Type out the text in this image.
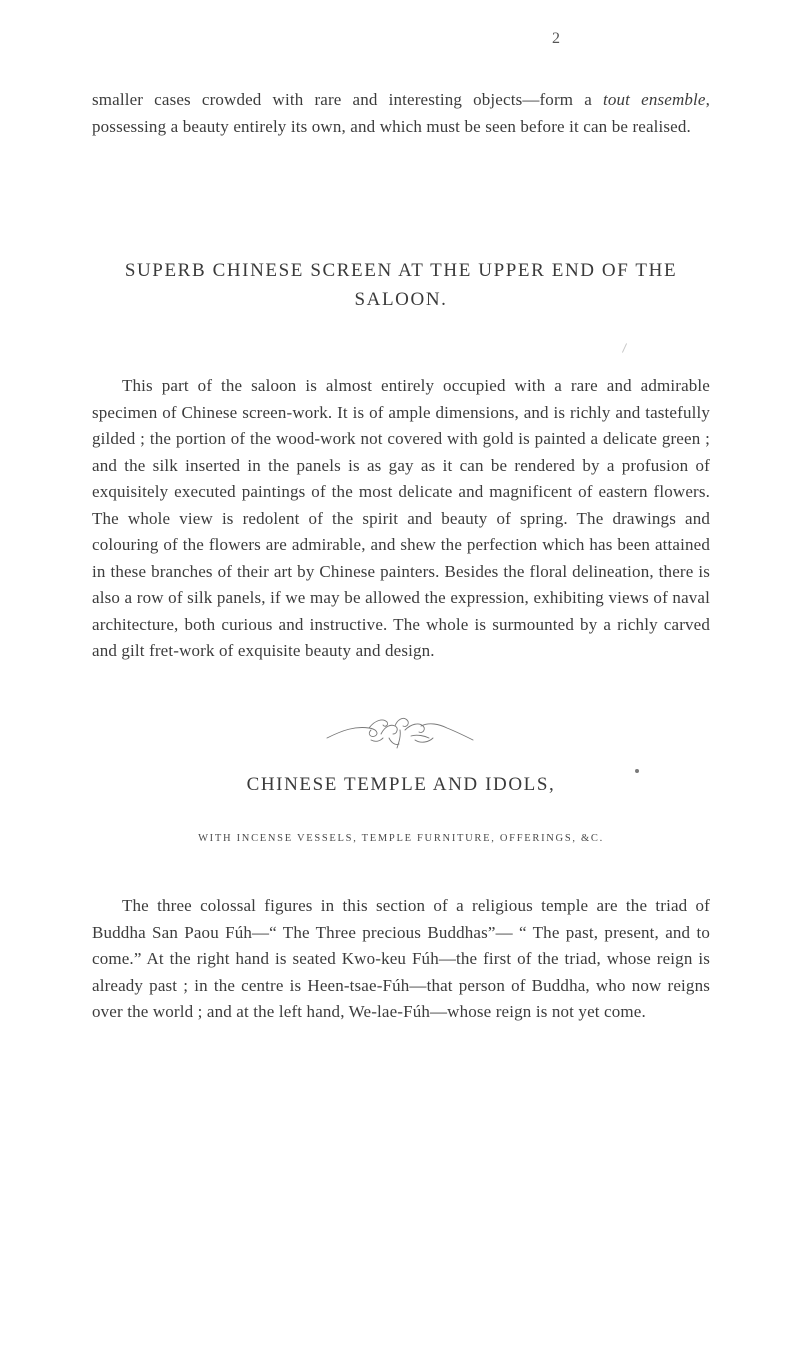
2

smaller cases crowded with rare and interesting objects—form a tout ensemble, possessing a beauty entirely its own, and which must be seen before it can be realised.

SUPERB CHINESE SCREEN AT THE UPPER END OF THE SALOON.

This part of the saloon is almost entirely occupied with a rare and admirable specimen of Chinese screen-work. It is of ample dimensions, and is richly and tastefully gilded ; the portion of the wood-work not covered with gold is painted a delicate green ; and the silk inserted in the panels is as gay as it can be rendered by a profusion of exquisitely executed paintings of the most delicate and magnificent of eastern flowers. The whole view is redolent of the spirit and beauty of spring. The drawings and colouring of the flowers are admirable, and shew the perfection which has been attained in these branches of their art by Chinese painters. Besides the floral delineation, there is also a row of silk panels, if we may be allowed the expression, exhibiting views of naval architecture, both curious and instructive. The whole is surmounted by a richly carved and gilt fret-work of exquisite beauty and design.

CHINESE TEMPLE AND IDOLS,
WITH INCENSE VESSELS, TEMPLE FURNITURE, OFFERINGS, &C.

The three colossal figures in this section of a religious temple are the triad of Buddha San Paou Fúh—“ The Three precious Buddhas”— “ The past, present, and to come.” At the right hand is seated Kwo-keu Fúh—the first of the triad, whose reign is already past ; in the centre is Heen-tsae-Fúh—that person of Buddha, who now reigns over the world ; and at the left hand, We-lae-Fúh—whose reign is not yet come.
